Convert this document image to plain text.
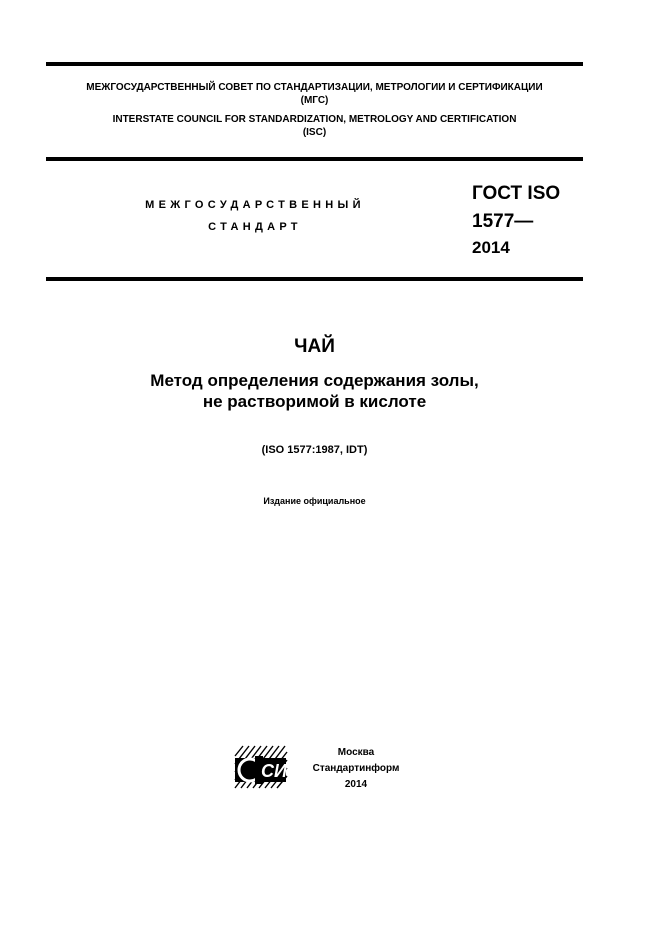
МЕЖГОСУДАРСТВЕННЫЙ СОВЕТ ПО СТАНДАРТИЗАЦИИ, МЕТРОЛОГИИ И СЕРТИФИКАЦИИ
(МГС)
INTERSTATE COUNCIL FOR STANDARDIZATION, METROLOGY AND CERTIFICATION
(ISC)
МЕЖГОСУДАРСТВЕННЫЙ
СТАНДАРТ
ГОСТ ISO
1577—
2014
ЧАЙ
Метод определения содержания золы,
не растворимой в кислоте
(ISO 1577:1987, IDT)
Издание официальное
СИ
Москва
Стандартинформ
2014
